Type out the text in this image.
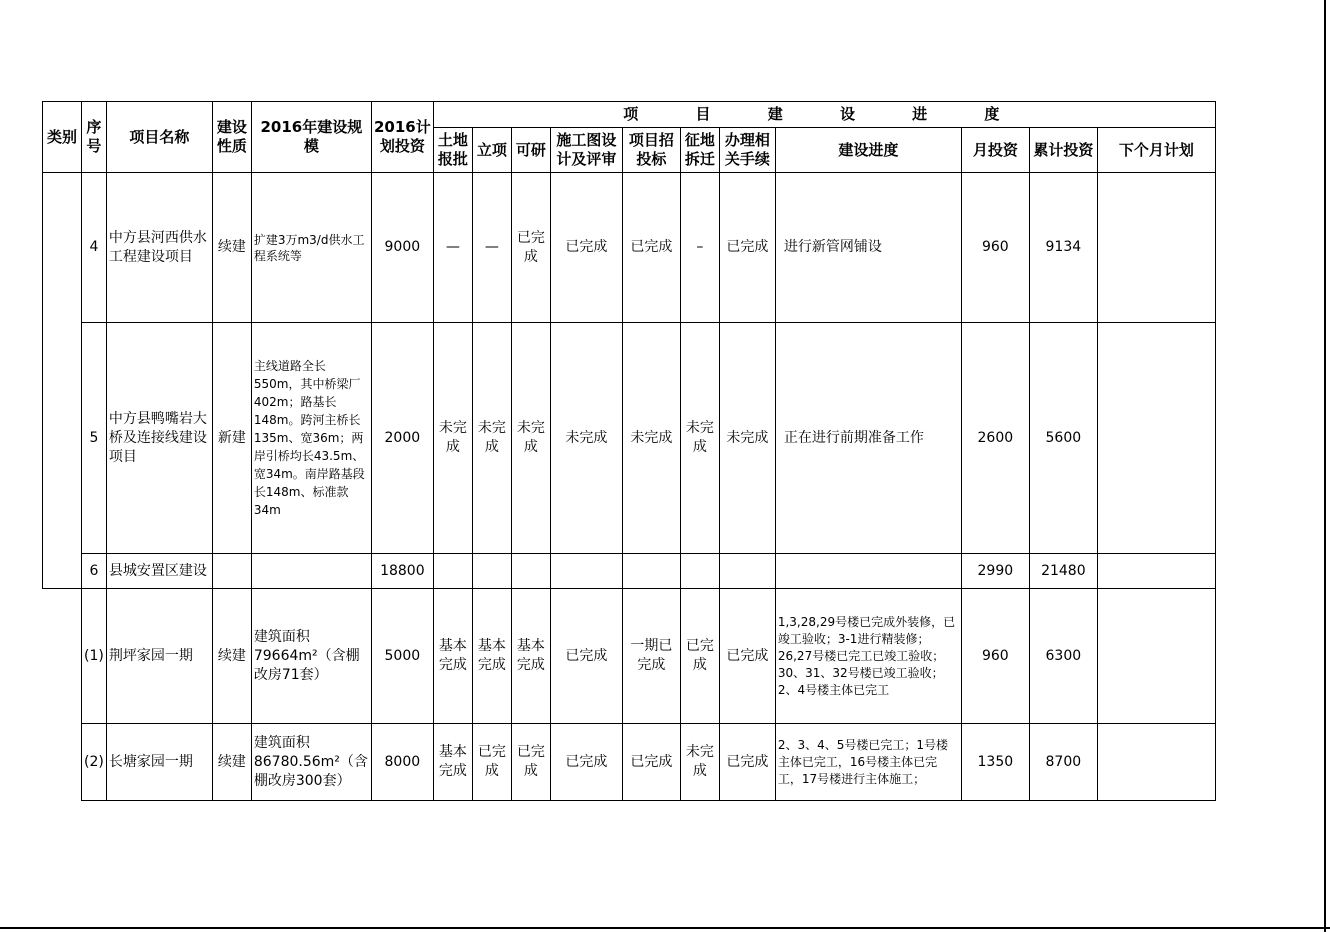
类别	序号	项目名称	建设性质	2016年建设规模	2016计划投资	项 目 建 设 进 度										
						土地报批	立项	可研	施工图设计及评审	项目招投标	征地拆迁	办理相关手续	建设进度	月投资	累计投资	下个月计划
	4	中方县河西供水工程建设项目	续建	扩建3万m3/d供水工程系统等	9000	—	—	已完成	已完成	已完成	–	已完成	进行新管网铺设	960	9134	
	5	中方县鸭嘴岩大桥及连接线建设项目	新建	主线道路全长550m，其中桥梁厂402m；路基长148m。跨河主桥长135m、宽36m；两岸引桥均长43.5m、宽34m。南岸路基段长148m、标准款34m	2000	未完成	未完成	未完成	未完成	未完成	未完成	未完成	正在进行前期准备工作	2600	5600	
	6	县城安置区建设			18800									2990	21480	
	(1)	荆坪家园一期	续建	建筑面积79664m²（含棚改房71套）	5000	基本完成	基本完成	基本完成	已完成	一期已完成	已完成	已完成	1,3,28,29号楼已完成外装修，已竣工验收；3-1进行精装修；26,27号楼已完工已竣工验收；30、31、32号楼已竣工验收；2、4号楼主体已完工	960	6300	
	(2)	长塘家园一期	续建	建筑面积86780.56m²（含棚改房300套）	8000	基本完成	已完成	已完成	已完成	已完成	未完成	已完成	2、3、4、5号楼已完工；1号楼主体已完工，16号楼主体已完工，17号楼进行主体施工；	1350	8700	
